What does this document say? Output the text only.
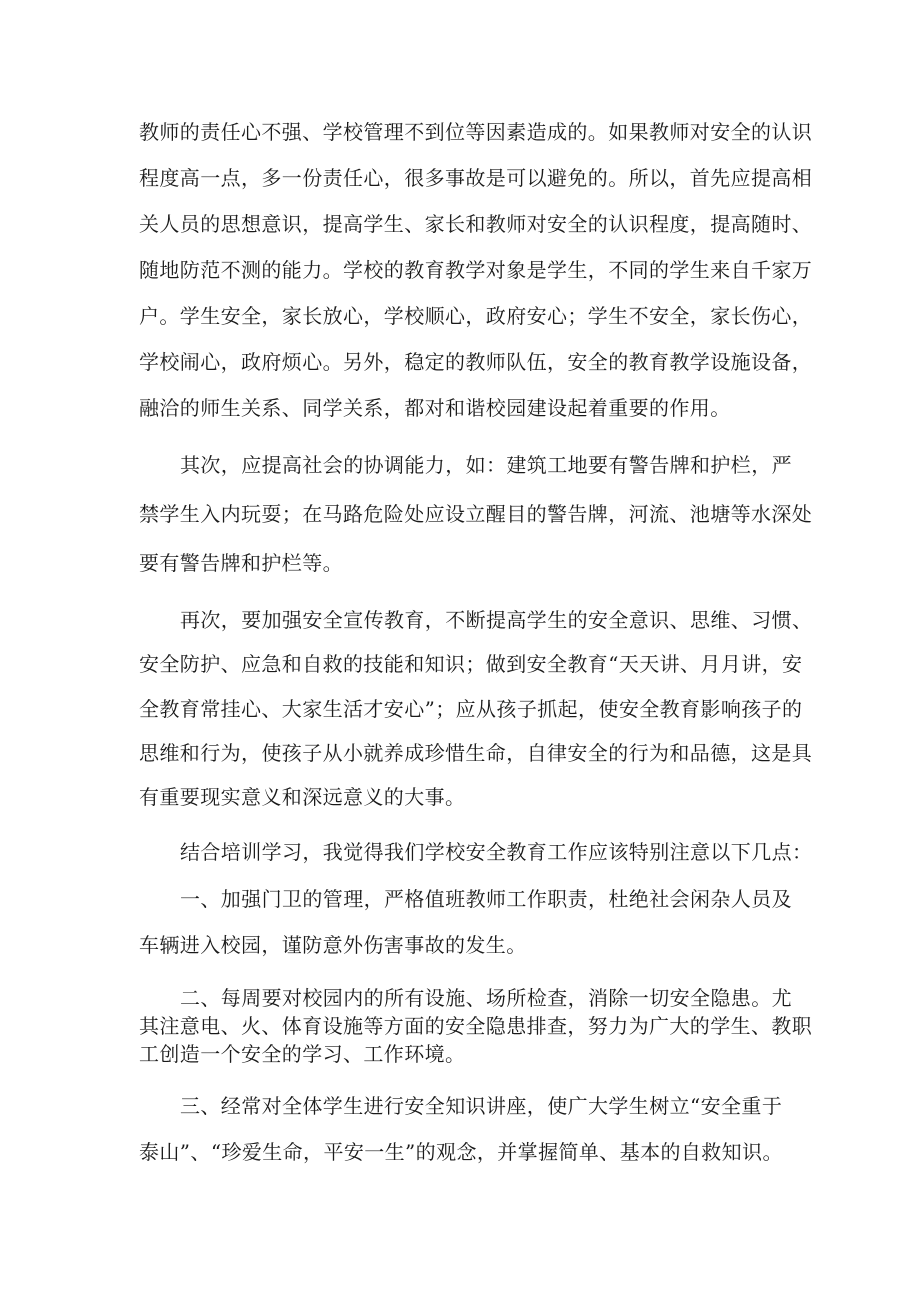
教师的责任心不强、学校管理不到位等因素造成的。如果教师对安全的认识
程度高一点，多一份责任心，很多事故是可以避免的。所以，首先应提高相
关人员的思想意识，提高学生、家长和教师对安全的认识程度，提高随时、
随地防范不测的能力。学校的教育教学对象是学生，不同的学生来自千家万
户。学生安全，家长放心，学校顺心，政府安心；学生不安全，家长伤心，
学校闹心，政府烦心。另外，稳定的教师队伍，安全的教育教学设施设备，
融洽的师生关系、同学关系，都对和谐校园建设起着重要的作用。
其次，应提高社会的协调能力，如：建筑工地要有警告牌和护栏，严
禁学生入内玩耍；在马路危险处应设立醒目的警告牌，河流、池塘等水深处
要有警告牌和护栏等。
再次，要加强安全宣传教育，不断提高学生的安全意识、思维、习惯、
安全防护、应急和自救的技能和知识；做到安全教育“天天讲、月月讲，安
全教育常挂心、大家生活才安心”；应从孩子抓起，使安全教育影响孩子的
思维和行为，使孩子从小就养成珍惜生命，自律安全的行为和品德，这是具
有重要现实意义和深远意义的大事。
结合培训学习，我觉得我们学校安全教育工作应该特别注意以下几点：
一、加强门卫的管理，严格值班教师工作职责，杜绝社会闲杂人员及
车辆进入校园，谨防意外伤害事故的发生。
二、每周要对校园内的所有设施、场所检查，消除一切安全隐患。尤
其注意电、火、体育设施等方面的安全隐患排查，努力为广大的学生、教职
工创造一个安全的学习、工作环境。
三、经常对全体学生进行安全知识讲座，使广大学生树立“安全重于
泰山”、“珍爱生命，平安一生”的观念，并掌握简单、基本的自救知识。
